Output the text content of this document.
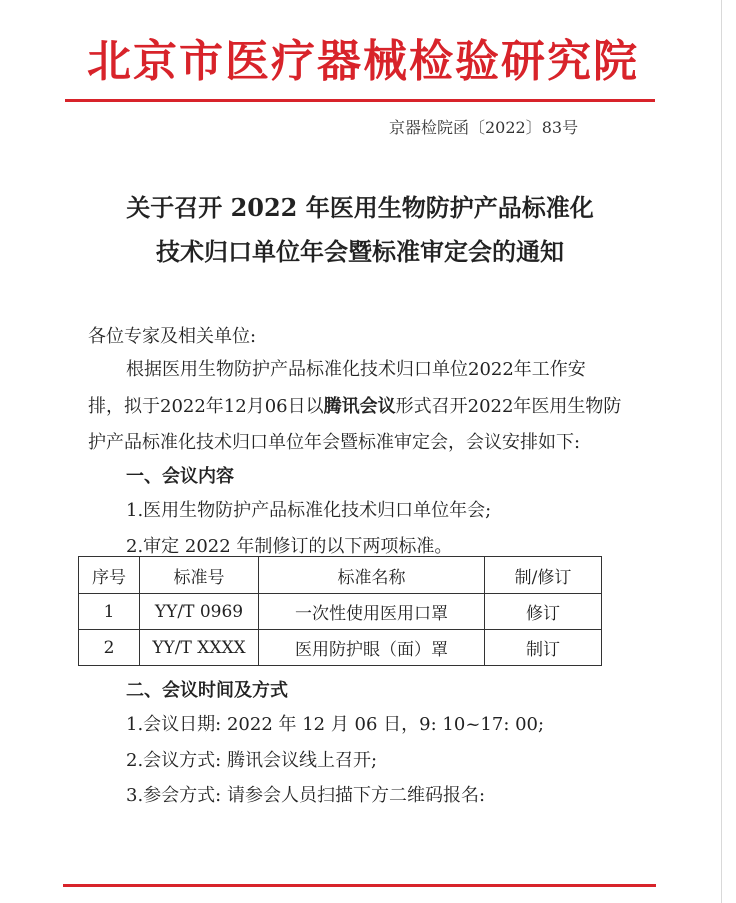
北京市医疗器械检验研究院
京器检院函〔2022〕83号
关于召开 2022 年医用生物防护产品标准化
技术归口单位年会暨标准审定会的通知
各位专家及相关单位:
根据医用生物防护产品标准化技术归口单位2022年工作安
排，拟于2022年12月06日以腾讯会议形式召开2022年医用生物防
护产品标准化技术归口单位年会暨标准审定会，会议安排如下:
一、会议内容
1.医用生物防护产品标准化技术归口单位年会;
2.审定 2022 年制修订的以下两项标准。
序号	标准号	标准名称	制/修订
1	YY/T 0969	一次性使用医用口罩	修订
2	YY/T XXXX	医用防护眼（面）罩	制订
二、会议时间及方式
1.会议日期: 2022 年 12 月 06 日，9: 10~17: 00;
2.会议方式: 腾讯会议线上召开;
3.参会方式: 请参会人员扫描下方二维码报名:
